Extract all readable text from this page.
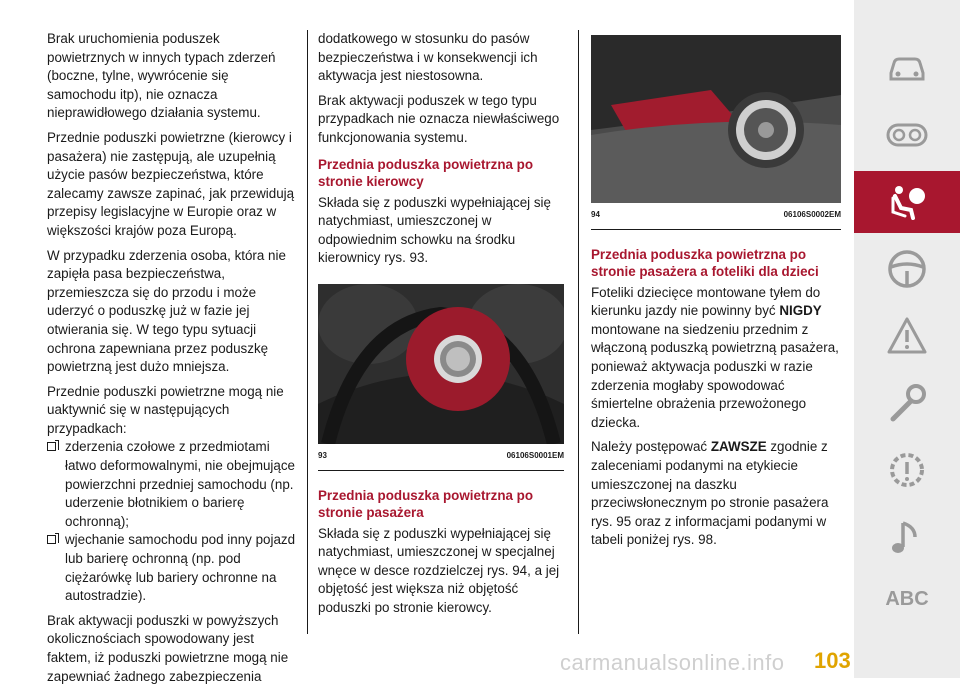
Brak uruchomienia poduszek powietrznych w innych typach zderzeń (boczne, tylne, wywrócenie się samochodu itp), nie oznacza nieprawidłowego działania systemu.

Przednie poduszki powietrzne (kierowcy i pasażera) nie zastępują, ale uzupełnią użycie pasów bezpieczeństwa, które zalecamy zawsze zapinać, jak przewidują przepisy legislacyjne w Europie oraz w większości krajów poza Europą.

W przypadku zderzenia osoba, która nie zapięła pasa bezpieczeństwa, przemieszcza się do przodu i może uderzyć o poduszkę już w fazie jej otwierania się. W tego typu sytuacji ochrona zapewniana przez poduszkę powietrzną jest dużo mniejsza.

Przednie poduszki powietrzne mogą nie uaktywnić się w następujących przypadkach:

zderzenia czołowe z przedmiotami łatwo deformowalnymi, nie obejmujące powierzchni przedniej samochodu (np. uderzenie błotnikiem o barierę ochronną);
wjechanie samochodu pod inny pojazd lub barierę ochronną (np. pod ciężarówkę lub bariery ochronne na autostradzie).

Brak aktywacji poduszki w powyższych okolicznościach spowodowany jest faktem, iż poduszki powietrzne mogą nie zapewniać żadnego zabezpieczenia

dodatkowego w stosunku do pasów bezpieczeństwa i w konsekwencji ich aktywacja jest niestosowna.

Brak aktywacji poduszek w tego typu przypadkach nie oznacza niewłaściwego funkcjonowania systemu.

Przednia poduszka powietrzna po stronie kierowcy

Składa się z poduszki wypełniającej się natychmiast, umieszczonej w odpowiednim schowku na środku kierownicy rys. 93.

93	06106S0001EM
Przednia poduszka powietrzna po stronie pasażera

Składa się z poduszki wypełniającej się natychmiast, umieszczonej w specjalnej wnęce w desce rozdzielczej rys. 94, a jej objętość jest większa niż objętość poduszki po stronie kierowcy.

94	06106S0002EM
Przednia poduszka powietrzna po stronie pasażera a foteliki dla dzieci

Foteliki dziecięce montowane tyłem do kierunku jazdy nie powinny być NIGDY montowane na siedzeniu przednim z włączoną poduszką powietrzną pasażera, ponieważ aktywacja poduszki w razie zderzenia mogłaby spowodować śmiertelne obrażenia przewożonego dziecka.

Należy postępować ZAWSZE zgodnie z zaleceniami podanymi na etykiecie umieszczonej na daszku przeciwsłonecznym po stronie pasażera rys. 95 oraz z informacjami podanymi w tabeli poniżej rys. 98.

ABC
carmanualsonline.info 103
